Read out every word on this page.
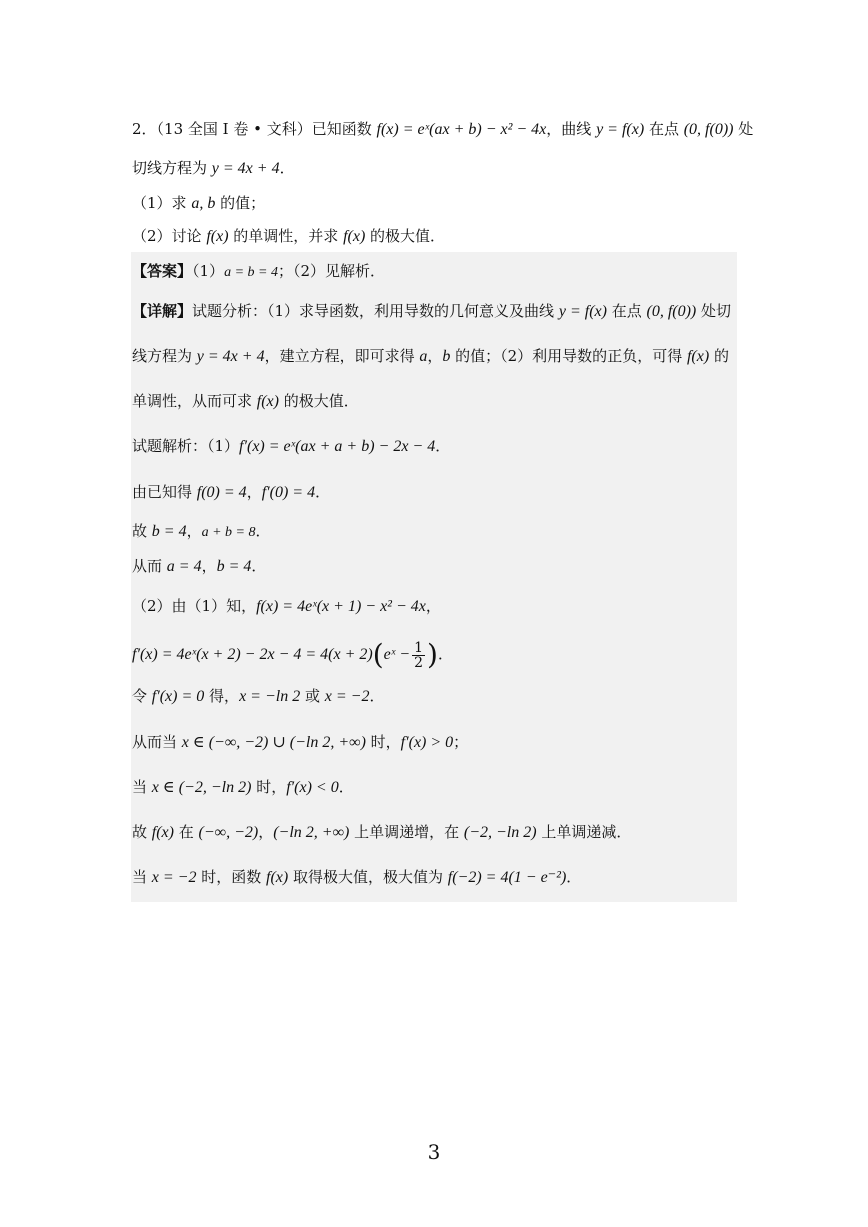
2．（13 全国 I 卷 • 文科）已知函数 f(x) = eˣ(ax + b) − x² − 4x，曲线 y = f(x) 在点 (0, f(0)) 处
切线方程为 y = 4x + 4．
（1）求 a, b 的值；
（2）讨论 f(x) 的单调性，并求 f(x) 的极大值．
【答案】（1）a = b = 4；（2）见解析．
【详解】试题分析：（1）求导函数，利用导数的几何意义及曲线 y = f(x) 在点 (0, f(0)) 处切
线方程为 y = 4x + 4，建立方程，即可求得 a，b 的值；（2）利用导数的正负，可得 f(x) 的
单调性，从而可求 f(x) 的极大值．
试题解析：（1）f′(x) = eˣ(ax + a + b) − 2x − 4．
由已知得 f(0) = 4，f′(0) = 4．
故 b = 4，a + b = 8．
从而 a = 4，b = 4．
（2）由（1）知，f(x) = 4eˣ(x + 1) − x² − 4x，
f′(x) = 4eˣ(x + 2) − 2x − 4 = 4(x + 2)(eˣ − $\frac{1}{2}$ )．
令 f′(x) = 0 得，x = −ln 2 或 x = −2．
从而当 x ∈ (−∞, −2) ∪ (−ln 2, +∞) 时，f′(x) > 0；
当 x ∈ (−2, −ln 2) 时，f′(x) < 0．
故 f(x) 在 (−∞, −2)，(−ln 2, +∞) 上单调递增，在 (−2, −ln 2) 上单调递减．
当 x = −2 时，函数 f(x) 取得极大值，极大值为 f(−2) = 4(1 − e⁻²)．
3
